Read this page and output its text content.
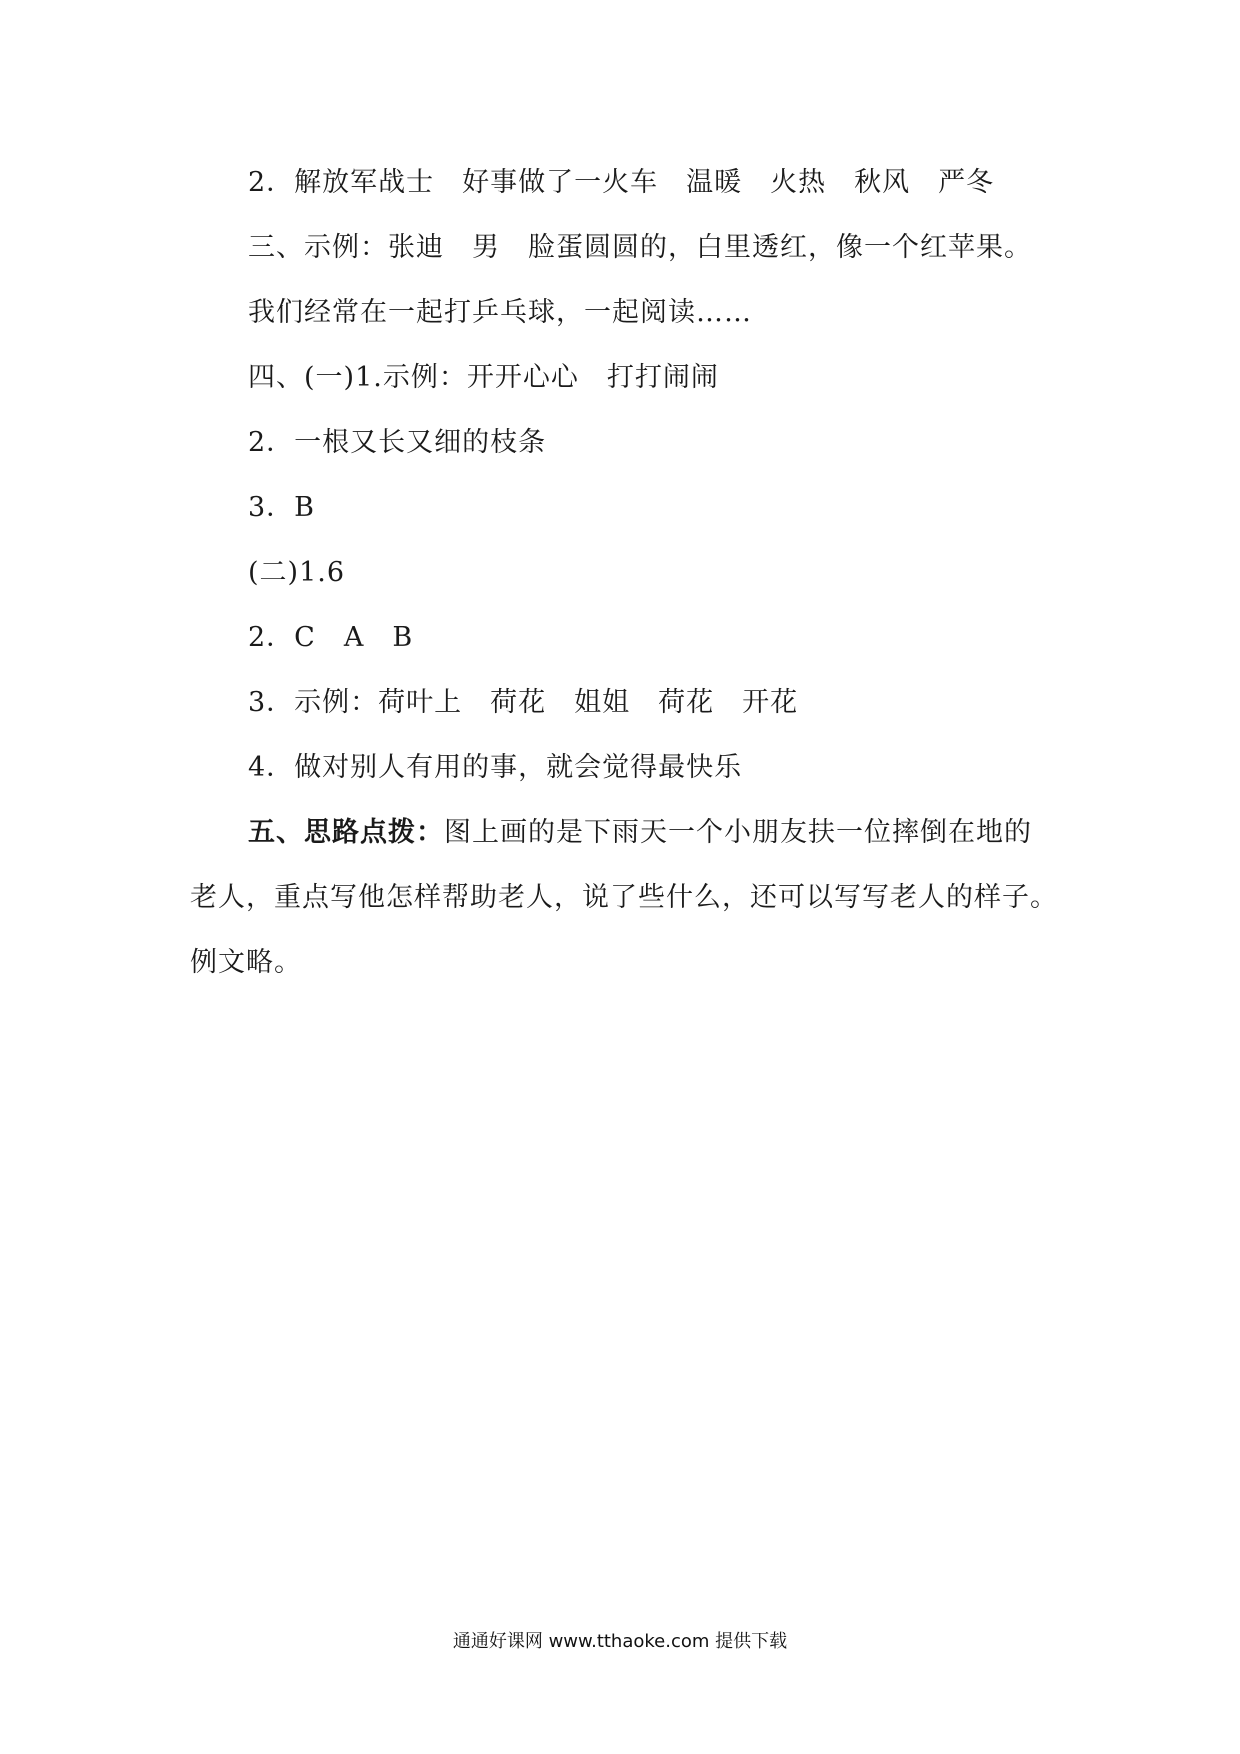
2．解放军战士　好事做了一火车　温暖　火热　秋风　严冬
三、示例：张迪　男　脸蛋圆圆的，白里透红，像一个红苹果。
我们经常在一起打乒乓球，一起阅读……
四、(一)1.示例：开开心心　打打闹闹
2．一根又长又细的枝条
3．B
(二)1.6
2．C　A　B
3．示例：荷叶上　荷花　姐姐　荷花　开花
4．做对别人有用的事，就会觉得最快乐
五、思路点拨：图上画的是下雨天一个小朋友扶一位摔倒在地的
老人，重点写他怎样帮助老人，说了些什么，还可以写写老人的样子。
例文略。
通通好课网 www.tthaoke.com 提供下载
